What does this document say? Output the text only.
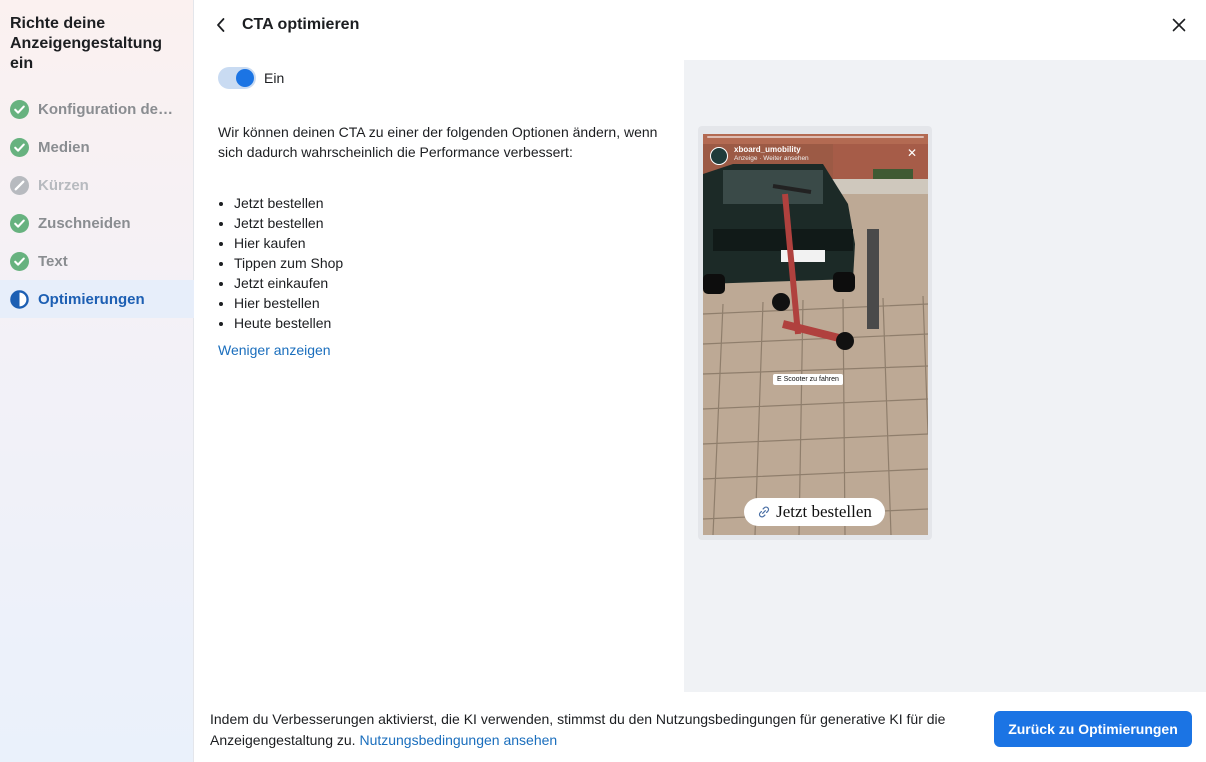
Richte deine Anzeigengestaltung ein
Konfiguration de…
Medien
Kürzen
Zuschneiden
Text
Optimierungen
CTA optimieren
Ein
Wir können deinen CTA zu einer der folgenden Optionen ändern, wenn sich dadurch wahrscheinlich die Performance verbessert:
• Jetzt bestellen
• Jetzt bestellen
• Hier kaufen
• Tippen zum Shop
• Jetzt einkaufen
• Hier bestellen
• Heute bestellen
Weniger anzeigen
xboard_umobility
Anzeige · Weiter ansehen	✕
E Scooter zu fahren
Jetzt bestellen
Indem du Verbesserungen aktivierst, die KI verwenden, stimmst du den Nutzungsbedingungen für generative KI für die Anzeigengestaltung zu. Nutzungsbedingungen ansehen
Zurück zu Optimierungen
